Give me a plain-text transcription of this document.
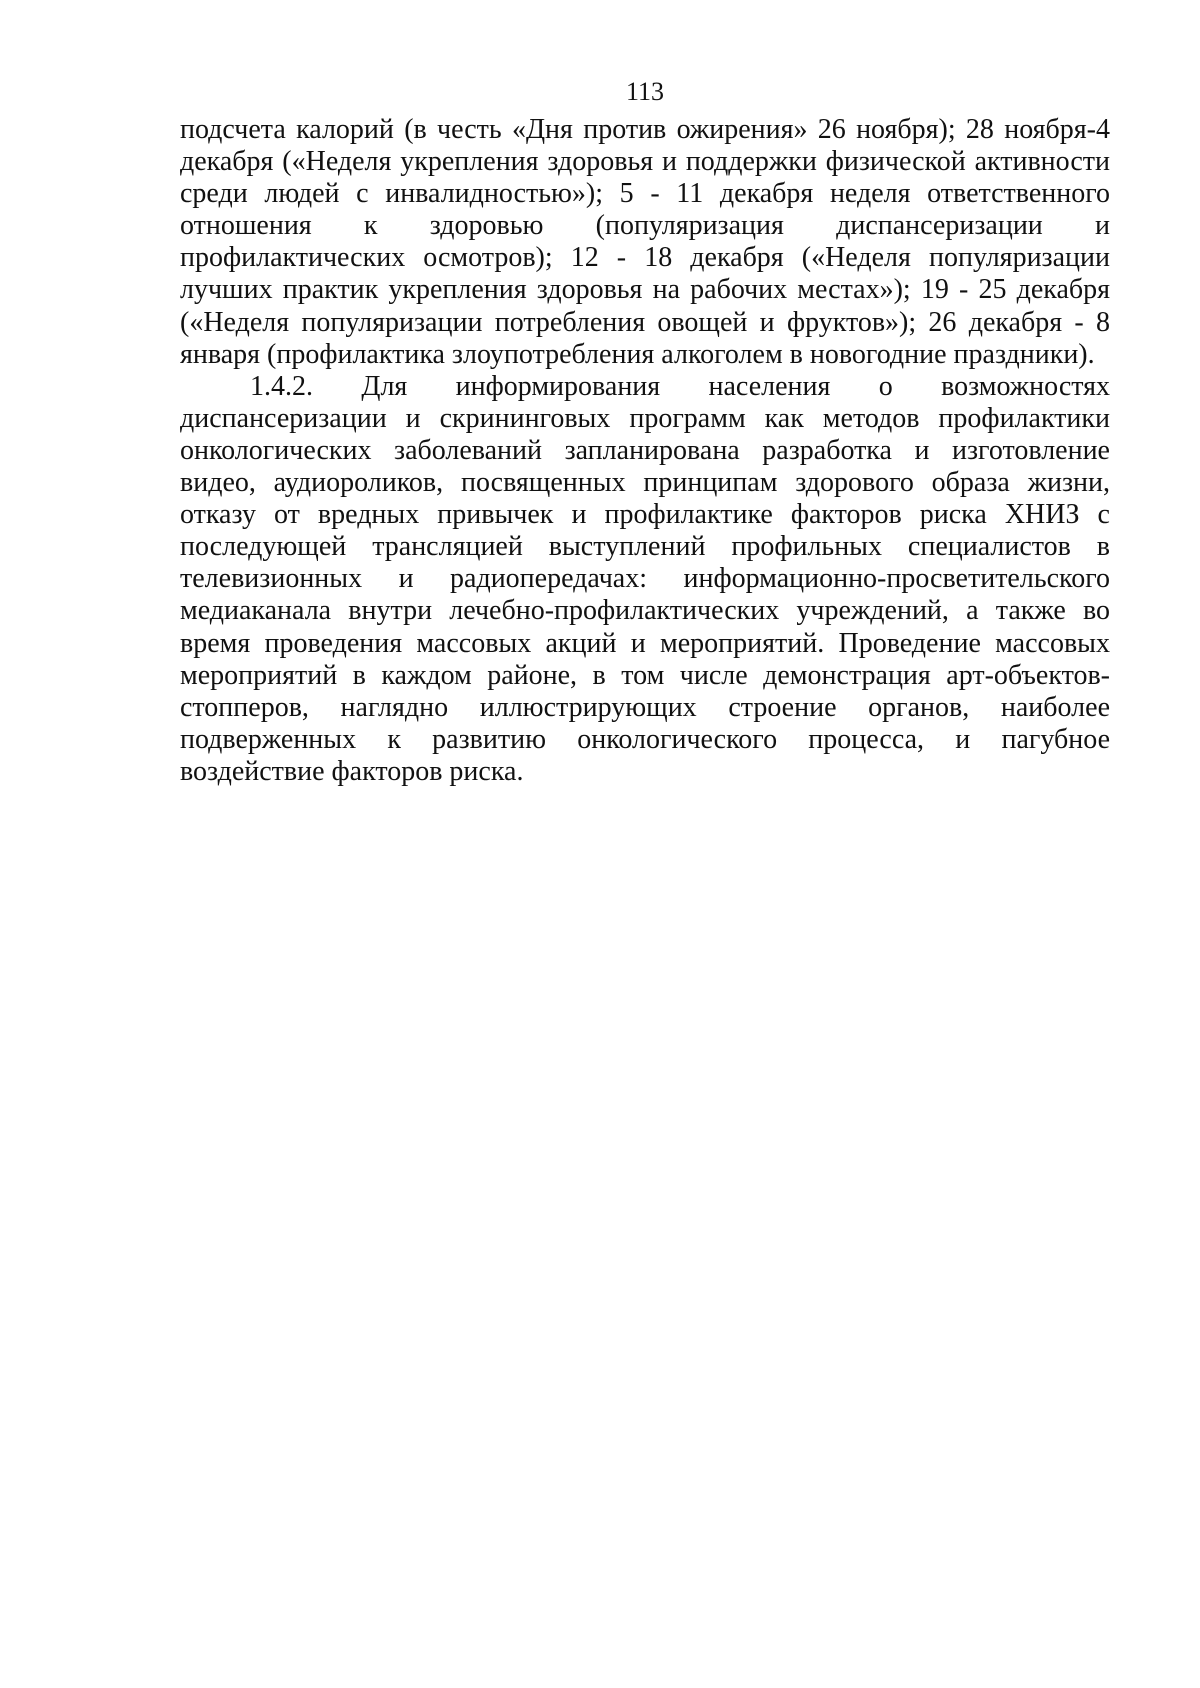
113

подсчета калорий (в честь «Дня против ожирения» 26 ноября); 28 ноября-4 декабря («Неделя укрепления здоровья и поддержки физической активности среди людей с инвалидностью»); 5 - 11 декабря неделя ответственного отношения к здоровью (популяризация диспансеризации и профилактических осмотров); 12 - 18 декабря («Неделя популяризации лучших практик укрепления здоровья на рабочих местах»); 19 - 25 декабря («Неделя популяризации потребления овощей и фруктов»); 26 декабря - 8 января (профилактика злоупотребления алкоголем в новогодние праздники).

1.4.2. Для информирования населения о возможностях диспансеризации и скрининговых программ как методов профилактики онкологических заболеваний запланирована разработка и изготовление видео, аудиороликов, посвященных принципам здорового образа жизни, отказу от вредных привычек и профилактике факторов риска ХНИЗ с последующей трансляцией выступлений профильных специалистов в телевизионных и радиопередачах: информационно-просветительского медиаканала внутри лечебно-профилактических учреждений, а также во время проведения массовых акций и мероприятий. Проведение массовых мероприятий в каждом районе, в том числе демонстрация арт-объектов-стопперов, наглядно иллюстрирующих строение органов, наиболее подверженных к развитию онкологического процесса, и пагубное воздействие факторов риска.
